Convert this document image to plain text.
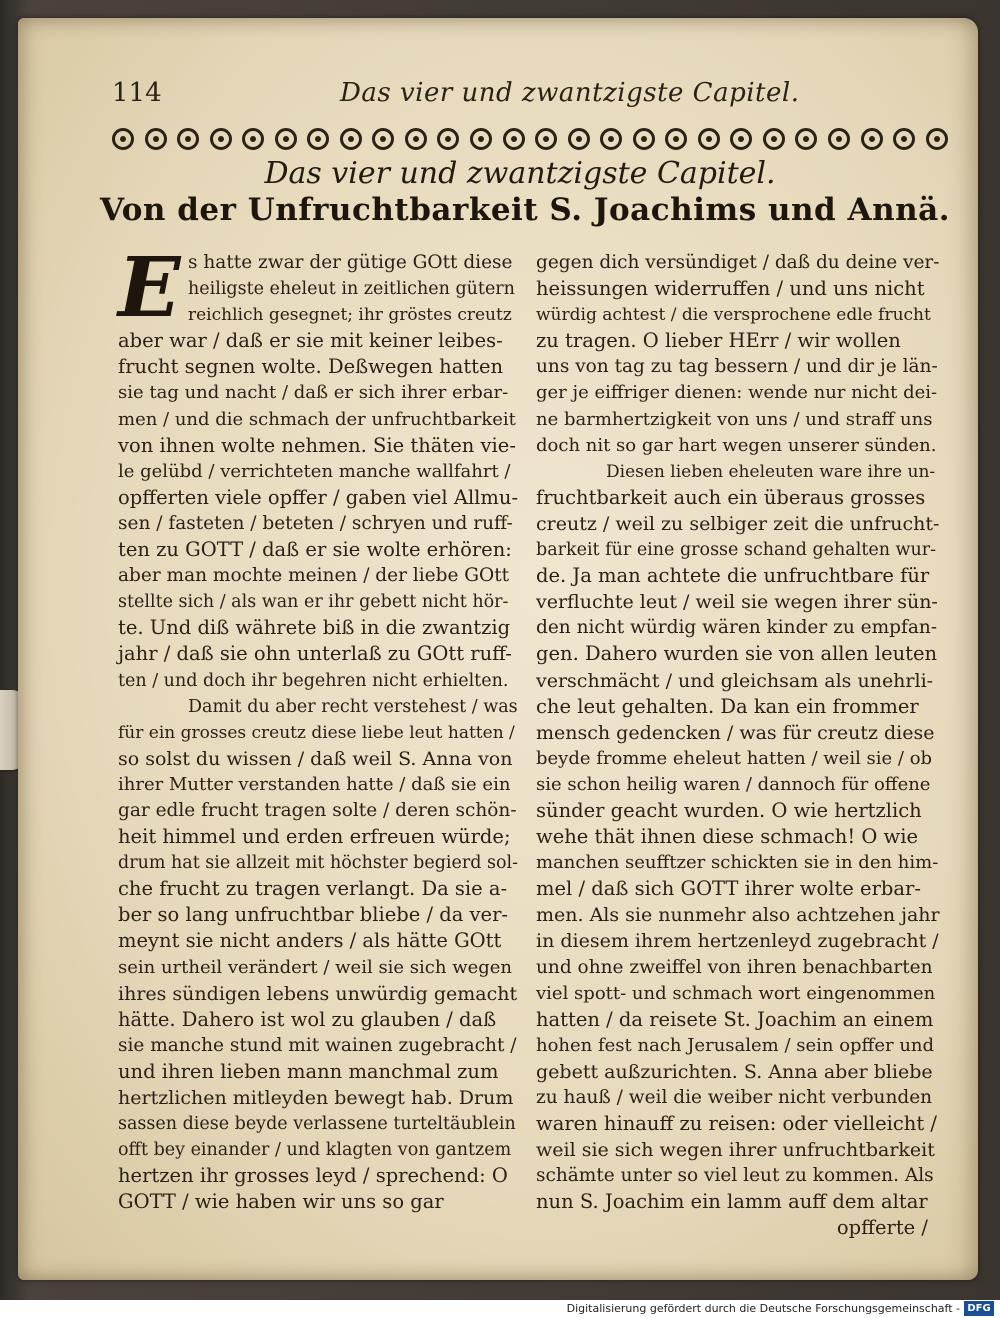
114	Das vier und zwantzigste Capitel.
Das vier und zwantzigste Capitel.
Von der Unfruchtbarkeit S. Joachims und Annä.
E s hatte zwar der gütige GOtt diese
heiligste eheleut in zeitlichen gütern
reichlich gesegnet; ihr gröstes creutz
aber war / daß er sie mit keiner leibes-
frucht segnen wolte. Deßwegen hatten
sie tag und nacht / daß er sich ihrer erbar-
men / und die schmach der unfruchtbarkeit
von ihnen wolte nehmen. Sie thäten vie-
le gelübd / verrichteten manche wallfahrt /
opfferten viele opffer / gaben viel Allmu-
sen / fasteten / beteten / schryen und ruff-
ten zu GOTT / daß er sie wolte erhören:
aber man mochte meinen / der liebe GOtt
stellte sich / als wan er ihr gebett nicht hör-
te. Und diß währete biß in die zwantzig
jahr / daß sie ohn unterlaß zu GOtt ruff-
ten / und doch ihr begehren nicht erhielten.
Damit du aber recht verstehest / was
für ein grosses creutz diese liebe leut hatten /
so solst du wissen / daß weil S. Anna von
ihrer Mutter verstanden hatte / daß sie ein
gar edle frucht tragen solte / deren schön-
heit himmel und erden erfreuen würde;
drum hat sie allzeit mit höchster begierd sol-
che frucht zu tragen verlangt. Da sie a-
ber so lang unfruchtbar bliebe / da ver-
meynt sie nicht anders / als hätte GOtt
sein urtheil verändert / weil sie sich wegen
ihres sündigen lebens unwürdig gemacht
hätte. Dahero ist wol zu glauben / daß
sie manche stund mit wainen zugebracht /
und ihren lieben mann manchmal zum
hertzlichen mitleyden bewegt hab. Drum
sassen diese beyde verlassene turteltäublein
offt bey einander / und klagten von gantzem
hertzen ihr grosses leyd / sprechend: O
GOTT / wie haben wir uns so gar
gegen dich versündiget / daß du deine ver-
heissungen widerruffen / und uns nicht
würdig achtest / die versprochene edle frucht
zu tragen. O lieber HErr / wir wollen
uns von tag zu tag bessern / und dir je län-
ger je eiffriger dienen: wende nur nicht dei-
ne barmhertzigkeit von uns / und straff uns
doch nit so gar hart wegen unserer sünden.
Diesen lieben eheleuten ware ihre un-
fruchtbarkeit auch ein überaus grosses
creutz / weil zu selbiger zeit die unfrucht-
barkeit für eine grosse schand gehalten wur-
de. Ja man achtete die unfruchtbare für
verfluchte leut / weil sie wegen ihrer sün-
den nicht würdig wären kinder zu empfan-
gen. Dahero wurden sie von allen leuten
verschmächt / und gleichsam als unehrli-
che leut gehalten. Da kan ein frommer
mensch gedencken / was für creutz diese
beyde fromme eheleut hatten / weil sie / ob
sie schon heilig waren / dannoch für offene
sünder geacht wurden. O wie hertzlich
wehe thät ihnen diese schmach! O wie
manchen seufftzer schickten sie in den him-
mel / daß sich GOTT ihrer wolte erbar-
men. Als sie nunmehr also achtzehen jahr
in diesem ihrem hertzenleyd zugebracht /
und ohne zweiffel von ihren benachbarten
viel spott- und schmach wort eingenommen
hatten / da reisete St. Joachim an einem
hohen fest nach Jerusalem / sein opffer und
gebett außzurichten. S. Anna aber bliebe
zu hauß / weil die weiber nicht verbunden
waren hinauff zu reisen: oder vielleicht /
weil sie sich wegen ihrer unfruchtbarkeit
schämte unter so viel leut zu kommen. Als
nun S. Joachim ein lamm auff dem altar
opfferte /
Digitalisierung gefördert durch die Deutsche Forschungsgemeinschaft - DFG
